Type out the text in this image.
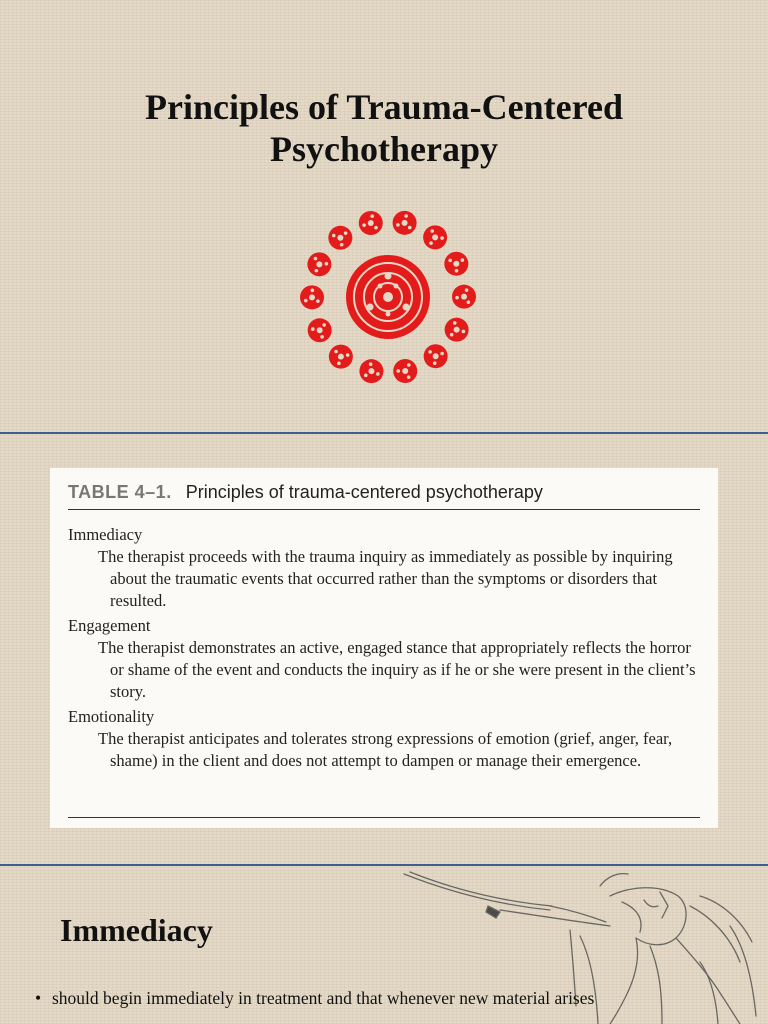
Principles of Trauma-Centered
Psychotherapy
TABLE 4–1. Principles of trauma-centered psychotherapy
Immediacy
The therapist proceeds with the trauma inquiry as immediately as possible by inquiring about the traumatic events that occurred rather than the symptoms or disorders that resulted.
Engagement
The therapist demonstrates an active, engaged stance that appropriately reflects the horror or shame of the event and conducts the inquiry as if he or she were present in the client’s story.
Emotionality
The therapist anticipates and tolerates strong expressions of emotion (grief, anger, fear, shame) in the client and does not attempt to dampen or manage their emergence.
Immediacy
• should begin immediately in treatment and that whenever new material arises
